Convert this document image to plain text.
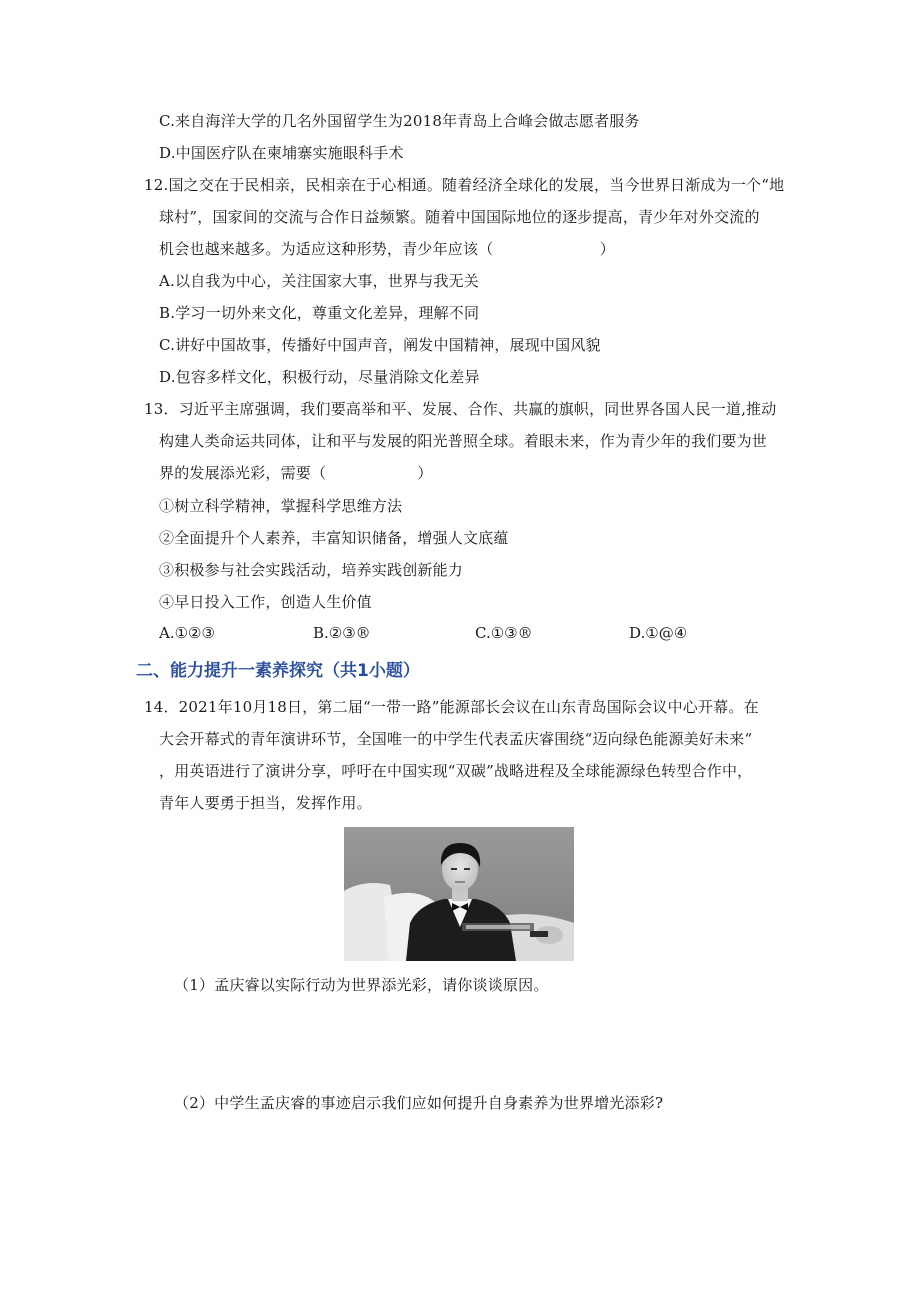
C.来自海洋大学的几名外国留学生为2018年青岛上合峰会做志愿者服务
D.中国医疗队在柬埔寨实施眼科手术
12.国之交在于民相亲，民相亲在于心相通。随着经济全球化的发展，当今世界日渐成为一个“地
球村”，国家间的交流与合作日益频繁。随着中国国际地位的逐步提高，青少年对外交流的
机会也越来越多。为适应这种形势，青少年应该（　　　　　　　）
A.以自我为中心，关注国家大事，世界与我无关
B.学习一切外来文化，尊重文化差异，理解不同
C.讲好中国故事，传播好中国声音，阐发中国精神，展现中国风貌
D.包容多样文化，积极行动，尽量消除文化差异
13．习近平主席强调，我们要高举和平、发展、合作、共赢的旗帜，同世界各国人民一道,推动
构建人类命运共同体，让和平与发展的阳光普照全球。着眼未来，作为青少年的我们要为世
界的发展添光彩，需要（　　　　　　）
①树立科学精神，掌握科学思维方法
②全面提升个人素养，丰富知识储备，增强人文底蕴
③积极参与社会实践活动，培养实践创新能力
④早日投入工作，创造人生价值
A.①②③	B.②③®	C.①③®	D.①@④
二、能力提升一素养探究（共1小题）
14．2021年10月18日，第二届“一带一路”能源部长会议在山东青岛国际会议中心开幕。在
大会开幕式的青年演讲环节，全国唯一的中学生代表孟庆睿围绕“迈向绿色能源美好未来“
，用英语进行了演讲分享，呼吁在中国实现“双碳”战略进程及全球能源绿色转型合作中，
青年人要勇于担当，发挥作用。
（1）孟庆睿以实际行动为世界添光彩，请你谈谈原因。
（2）中学生孟庆睿的事迹启示我们应如何提升自身素养为世界增光添彩?
